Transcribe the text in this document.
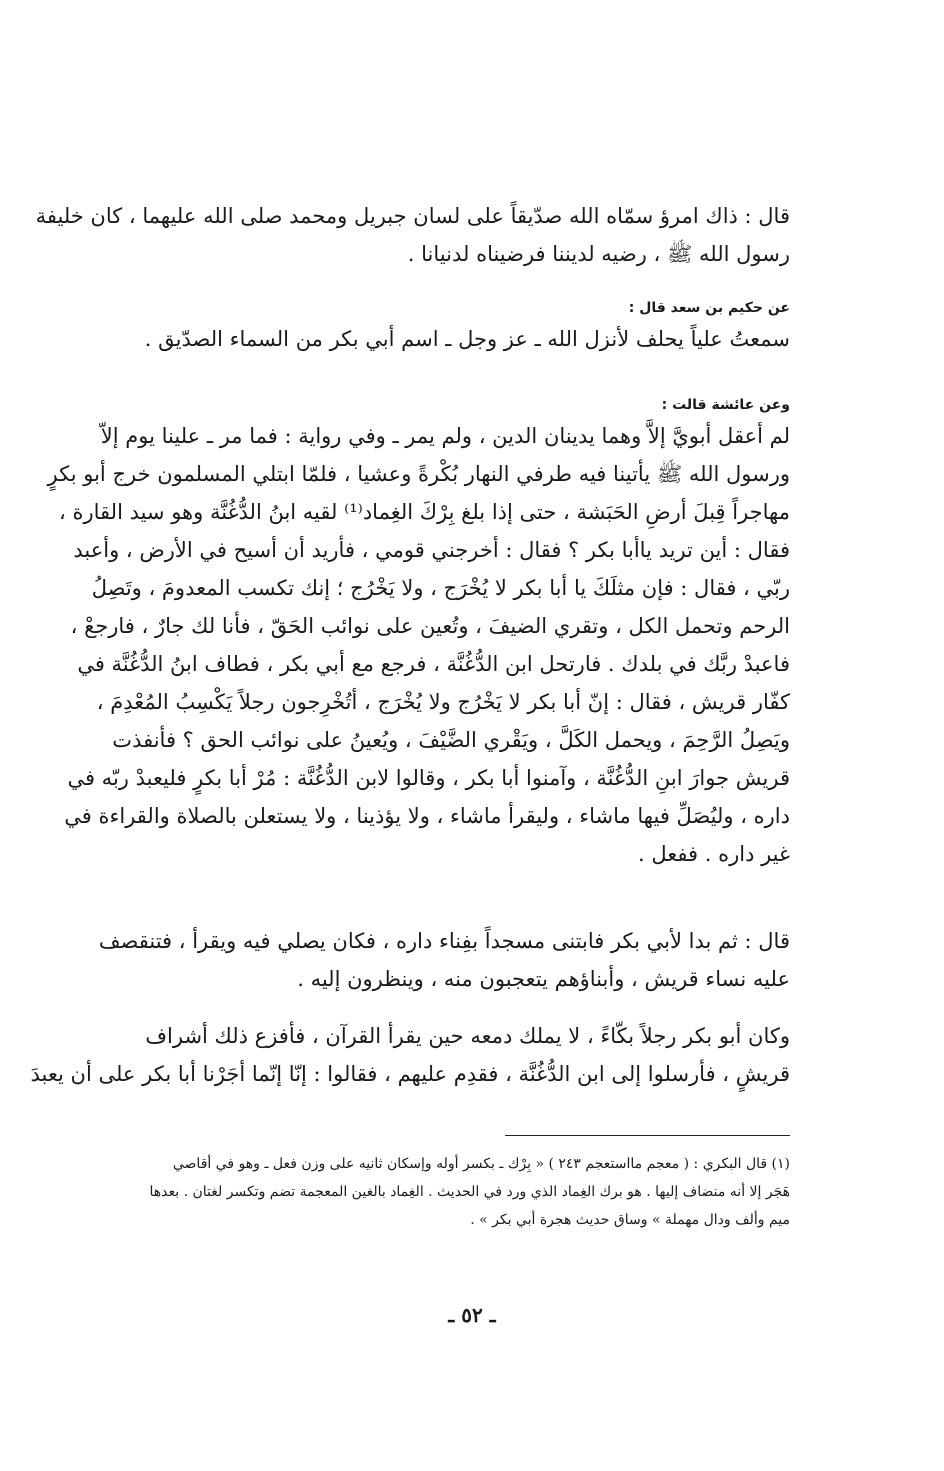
قال : ذاك امرؤ سمّاه الله صدّيقاً على لسان جبريل ومحمد صلى الله عليهما ، كان خليفة
رسول الله ﷺ ، رضيه لديننا فرضيناه لدنيانا .
عن حكيم بن سعد قال :
سمعتُ علياً يحلف لأنزل الله ـ عز وجل ـ اسم أبي بكر من السماء الصدّيق .
وعن عائشة قالت :
لم أعقل أبويَّ إلاَّ وهما يدينان الدين ، ولم يمر ـ وفي رواية : فما مر ـ علينا يوم إلاّ
ورسول الله ﷺ يأتينا فيه طرفي النهار بُكْرةً وعشيا ، فلمّا ابتلي المسلمون خرج أبو بكرٍ
مهاجراً قِبلَ أرضِ الحَبَشة ، حتى إذا بلغ بِرْكَ الغِماد⁽¹⁾ لقيه ابنُ الدُّغُنَّة وهو سيد القارة ،
فقال : أين تريد ياأبا بكر ؟ فقال : أخرجني قومي ، فأريد أن أسيح في الأرض ، وأعبد
ربّي ، فقال : فإن مثلَكَ يا أبا بكر لا يُخْرَج ، ولا يَخْرُج ؛ إنك تكسب المعدومَ ، وتَصِلُ
الرحم وتحمل الكل ، وتقري الضيفَ ، وتُعين على نوائب الحَقّ ، فأنا لك جارٌ ، فارجعْ ،
فاعبدْ ربَّك في بلدك . فارتحل ابن الدُّغُنَّة ، فرجع مع أبي بكر ، فطاف ابنُ الدُّغُنَّة في
كفّار قريش ، فقال : إنّ أبا بكر لا يَخْرُج ولا يُخْرَج ، أتُخْرِجون رجلاً يَكْسِبُ المُعْدِمَ ،
ويَصِلُ الرَّحِمَ ، ويحمل الكَلَّ ، ويَقْري الضَّيْفَ ، ويُعينُ على نوائب الحق ؟ فأنفذت
قريش جوارَ ابنِ الدُّغُنَّة ، وآمنوا أبا بكر ، وقالوا لابن الدُّغُنَّة : مُرْ أبا بكرٍ فليعبدْ ربّه في
داره ، وليُصَلِّ فيها ماشاء ، وليقرأ ماشاء ، ولا يؤذينا ، ولا يستعلن بالصلاة والقراءة في
غير داره . ففعل .
قال : ثم بدا لأبي بكر فابتنى مسجداً بفِناء داره ، فكان يصلي فيه ويقرأ ، فتنقصف
عليه نساء قريش ، وأبناؤهم يتعجبون منه ، وينظرون إليه .
وكان أبو بكر رجلاً بكّاءً ، لا يملك دمعه حين يقرأ القرآن ، فأفزع ذلك أشراف
قريشٍ ، فأرسلوا إلى ابن الدُّغُنَّة ، فقدِم عليهم ، فقالوا : إنّا إنّما أجَرْنا أبا بكر على أن يعبدَ
(١) قال البكري : ( معجم مااستعجم ٢٤٣ ) « بِرْك ـ بكسر أوله وإسكان ثانيه على وزن فعل ـ وهو في أقاصي
هَجَر إلا أنه منضاف إليها . هو برك الغِماد الذي ورد في الحديث . الغِماد بالغين المعجمة تضم وتكسر لغتان . بعدها
ميم وألف ودال مهملة » وساق حديث هجرة أبي بكر » .
ـ ٥٢ ـ
